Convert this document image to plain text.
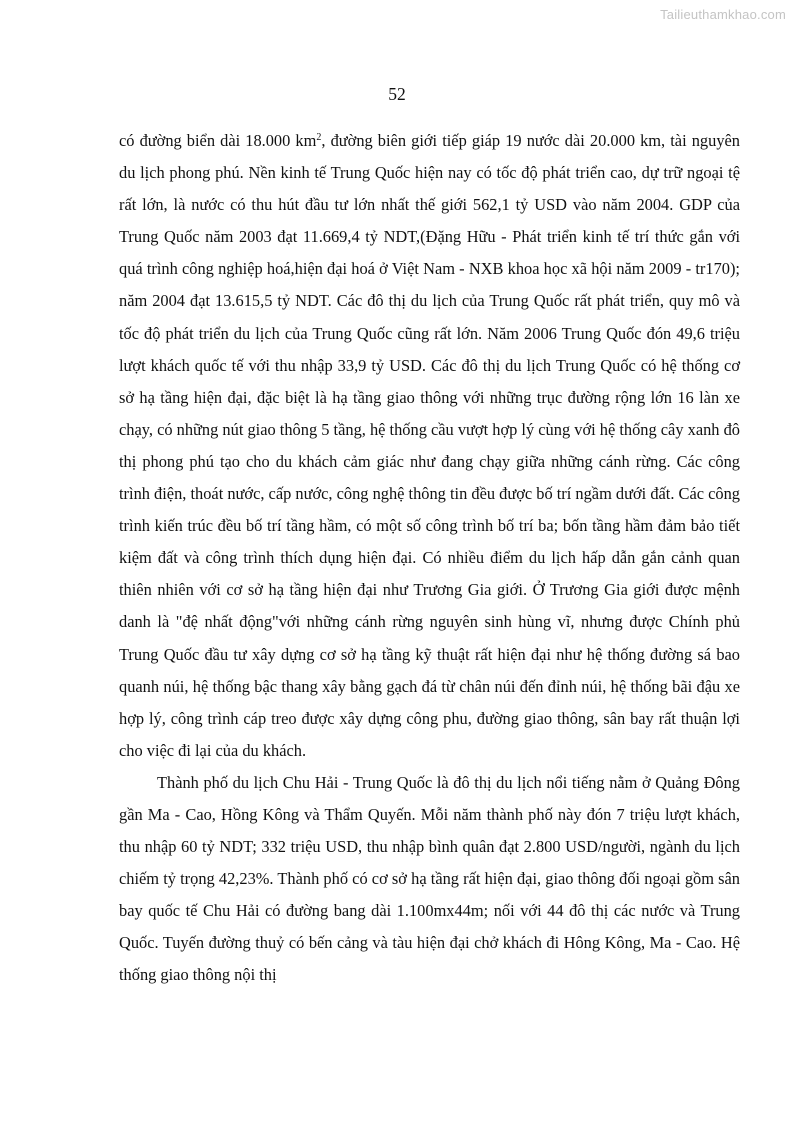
Tailieuthamkhao.com
52

có đường biển dài 18.000 $km^2$, đường biên giới tiếp giáp 19 nước dài 20.000 km, tài nguyên du lịch phong phú. Nền kinh tế Trung Quốc hiện nay có tốc độ phát triển cao, dự trữ ngoại tệ rất lớn, là nước có thu hút đầu tư lớn nhất thế giới 562,1 tỷ USD vào năm 2004. GDP của Trung Quốc năm 2003 đạt 11.669,4 tỷ NDT,(Đặng Hữu - Phát triển kinh tế trí thức gắn với quá trình công nghiệp hoá,hiện đại hoá ở Việt Nam - NXB khoa học xã hội năm 2009 - tr170); năm 2004 đạt 13.615,5 tỷ NDT. Các đô thị du lịch của Trung Quốc rất phát triển, quy mô và tốc độ phát triển du lịch của Trung Quốc cũng rất lớn. Năm 2006 Trung Quốc đón 49,6 triệu lượt khách quốc tế với thu nhập 33,9 tỷ USD. Các đô thị du lịch Trung Quốc có hệ thống cơ sở hạ tầng hiện đại, đặc biệt là hạ tầng giao thông với những trục đường rộng lớn 16 làn xe chạy, có những nút giao thông 5 tầng, hệ thống cầu vượt hợp lý cùng với hệ thống cây xanh đô thị phong phú tạo cho du khách cảm giác như đang chạy giữa những cánh rừng. Các công trình điện, thoát nước, cấp nước, công nghệ thông tin đều được bố trí ngầm dưới đất. Các công trình kiến trúc đều bố trí tầng hầm, có một số công trình bố trí ba; bốn tầng hầm đảm bảo tiết kiệm đất và công trình thích dụng hiện đại. Có nhiều điểm du lịch hấp dẫn gắn cảnh quan thiên nhiên với cơ sở hạ tầng hiện đại như Trương Gia giới. Ở Trương Gia giới được mệnh danh là "đệ nhất động"với những cánh rừng nguyên sinh hùng vĩ, nhưng được Chính phủ Trung Quốc đầu tư xây dựng cơ sở hạ tầng kỹ thuật rất hiện đại như hệ thống đường sá bao quanh núi, hệ thống bậc thang xây bằng gạch đá từ chân núi đến đỉnh núi, hệ thống bãi đậu xe hợp lý, công trình cáp treo được xây dựng công phu, đường giao thông, sân bay rất thuận lợi cho việc đi lại của du khách.

Thành phố du lịch Chu Hải - Trung Quốc là đô thị du lịch nổi tiếng nằm ở Quảng Đông gần Ma - Cao, Hồng Kông và Thẩm Quyến. Mỗi năm thành phố này đón 7 triệu lượt khách, thu nhập 60 tỷ NDT; 332 triệu USD, thu nhập bình quân đạt 2.800 USD/người, ngành du lịch chiếm tỷ trọng 42,23%. Thành phố có cơ sở hạ tầng rất hiện đại, giao thông đối ngoại gồm sân bay quốc tế Chu Hải có đường bang dài 1.100mx44m; nối với 44 đô thị các nước và Trung Quốc. Tuyến đường thuỷ có bến cảng và tàu hiện đại chở khách đi Hông Kông, Ma - Cao. Hệ thống giao thông nội thị
